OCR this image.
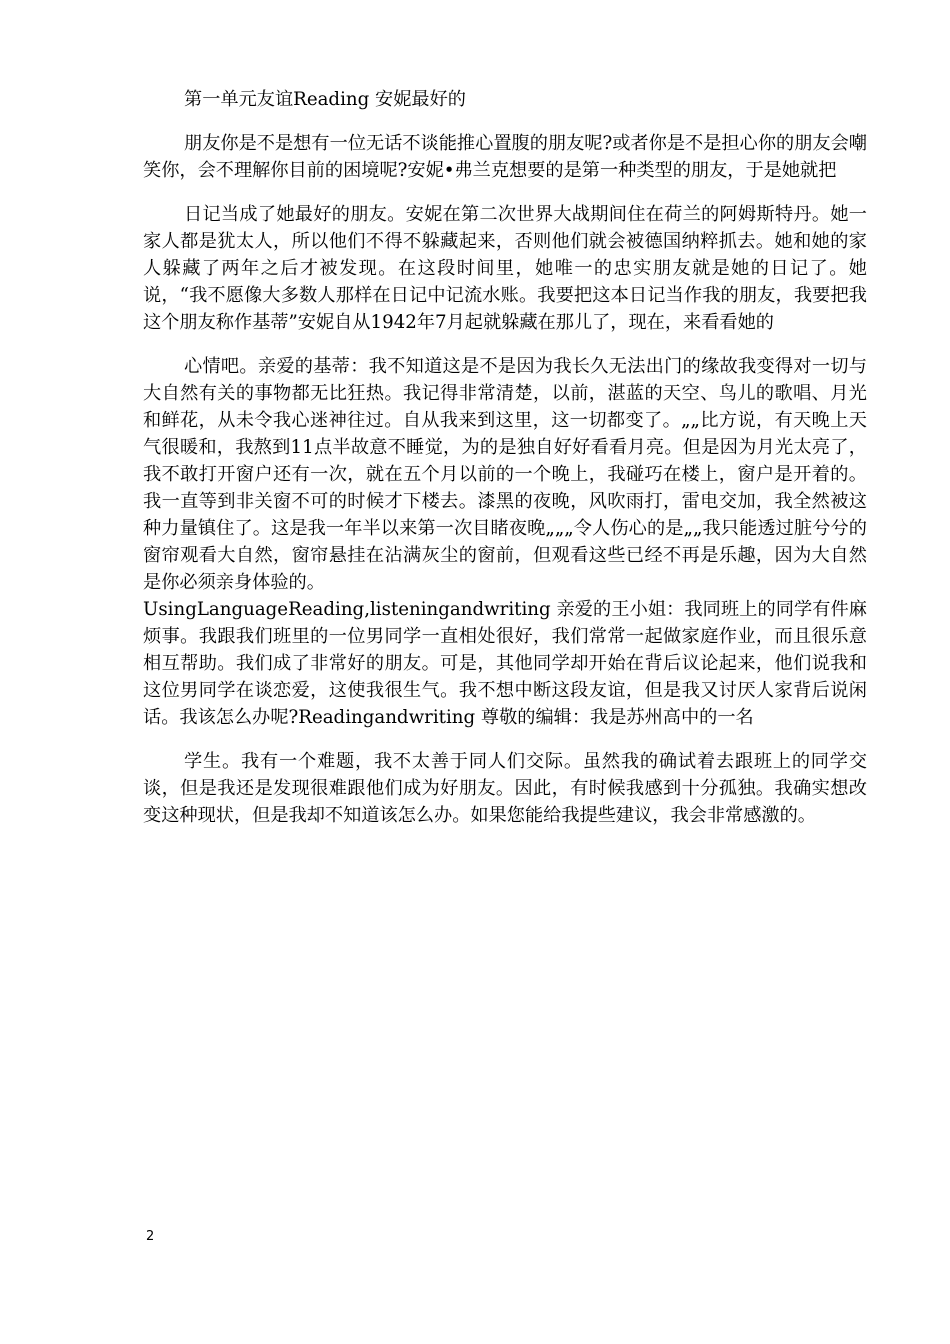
第一单元友谊Reading 安妮最好的

朋友你是不是想有一位无话不谈能推心置腹的朋友呢?或者你是不是担心你的朋友会嘲笑你，会不理解你目前的困境呢?安妮•弗兰克想要的是第一种类型的朋友，于是她就把

日记当成了她最好的朋友。安妮在第二次世界大战期间住在荷兰的阿姆斯特丹。她一家人都是犹太人，所以他们不得不躲藏起来，否则他们就会被德国纳粹抓去。她和她的家人躲藏了两年之后才被发现。在这段时间里，她唯一的忠实朋友就是她的日记了。她说，“我不愿像大多数人那样在日记中记流水账。我要把这本日记当作我的朋友，我要把我这个朋友称作基蒂”安妮自从1942年7月起就躲藏在那儿了，现在，来看看她的

心情吧。亲爱的基蒂：我不知道这是不是因为我长久无法出门的缘故我变得对一切与大自然有关的事物都无比狂热。我记得非常清楚，以前，湛蓝的天空、鸟儿的歌唱、月光和鲜花，从未令我心迷神往过。自从我来到这里，这一切都变了。„„比方说，有天晚上天气很暖和，我熬到11点半故意不睡觉，为的是独自好好看看月亮。但是因为月光太亮了，我不敢打开窗户还有一次，就在五个月以前的一个晚上，我碰巧在楼上，窗户是开着的。我一直等到非关窗不可的时候才下楼去。漆黑的夜晚，风吹雨打，雷电交加，我全然被这种力量镇住了。这是我一年半以来第一次目睹夜晚„„„令人伤心的是„„我只能透过脏兮兮的窗帘观看大自然，窗帘悬挂在沾满灰尘的窗前，但观看这些已经不再是乐趣，因为大自然是你必须亲身体验的。

UsingLanguageReading,listeningandwriting 亲爱的王小姐：我同班上的同学有件麻烦事。我跟我们班里的一位男同学一直相处很好，我们常常一起做家庭作业，而且很乐意相互帮助。我们成了非常好的朋友。可是，其他同学却开始在背后议论起来，他们说我和这位男同学在谈恋爱，这使我很生气。我不想中断这段友谊，但是我又讨厌人家背后说闲话。我该怎么办呢?Readingandwriting 尊敬的编辑：我是苏州高中的一名

学生。我有一个难题，我不太善于同人们交际。虽然我的确试着去跟班上的同学交谈，但是我还是发现很难跟他们成为好朋友。因此，有时候我感到十分孤独。我确实想改变这种现状，但是我却不知道该怎么办。如果您能给我提些建议，我会非常感激的。

2
